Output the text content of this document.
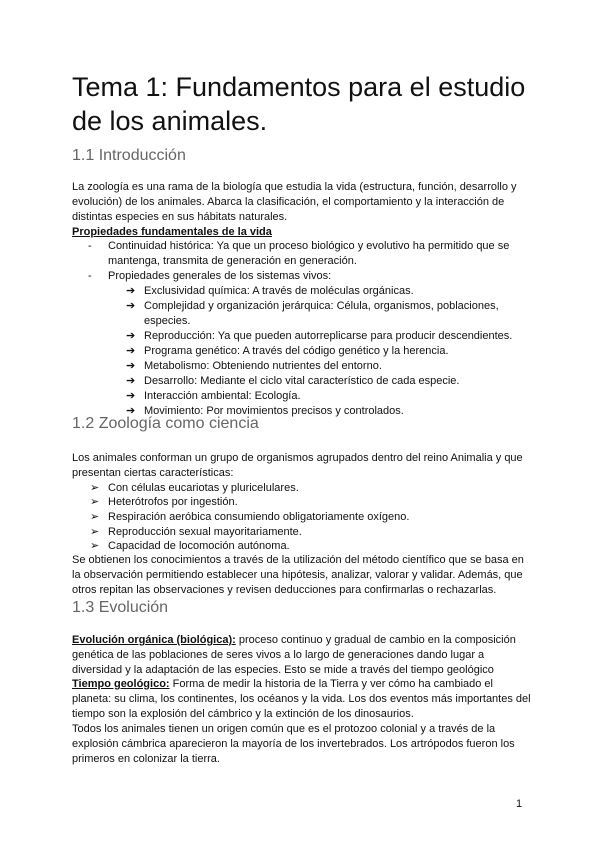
Tema 1: Fundamentos para el estudio de los animales.
1.1 Introducción

La zoología es una rama de la biología que estudia la vida (estructura, función, desarrollo y evolución) de los animales. Abarca la clasificación, el comportamiento y la interacción de distintas especies en sus hábitats naturales.

Propiedades fundamentales de la vida
- Continuidad histórica: Ya que un proceso biológico y evolutivo ha permitido que se mantenga, transmita de generación en generación.
- Propiedades generales de los sistemas vivos:
➔ Exclusividad química: A través de moléculas orgánicas.
➔ Complejidad y organización jerárquica: Célula, organismos, poblaciones, especies.
➔ Reproducción: Ya que pueden autorreplicarse para producir descendientes.
➔ Programa genético: A través del código genético y la herencia.
➔ Metabolismo: Obteniendo nutrientes del entorno.
➔ Desarrollo: Mediante el ciclo vital característico de cada especie.
➔ Interacción ambiental: Ecología.
➔ Movimiento: Por movimientos precisos y controlados.
1.2 Zoología como ciencia

Los animales conforman un grupo de organismos agrupados dentro del reino Animalia y que presentan ciertas características:

➢ Con células eucariotas y pluricelulares.
➢ Heterótrofos por ingestión.
➢ Respiración aeróbica consumiendo obligatoriamente oxígeno.
➢ Reproducción sexual mayoritariamente.
➢ Capacidad de locomoción autónoma.

Se obtienen los conocimientos a través de la utilización del método científico que se basa en la observación permitiendo establecer una hipótesis, analizar, valorar y validar. Además, que otros repitan las observaciones y revisen deducciones para confirmarlas o rechazarlas.

1.3 Evolución

Evolución orgánica (biológica): proceso continuo y gradual de cambio en la composición genética de las poblaciones de seres vivos a lo largo de generaciones dando lugar a diversidad y la adaptación de las especies. Esto se mide a través del tiempo geológico

Tiempo geológico: Forma de medir la historia de la Tierra y ver cómo ha cambiado el planeta: su clima, los continentes, los océanos y la vida. Los dos eventos más importantes del tiempo son la explosión del cámbrico y la extinción de los dinosaurios.

Todos los animales tienen un origen común que es el protozoo colonial y a través de la explosión cámbrica aparecieron la mayoría de los invertebrados. Los artrópodos fueron los primeros en colonizar la tierra.

1
